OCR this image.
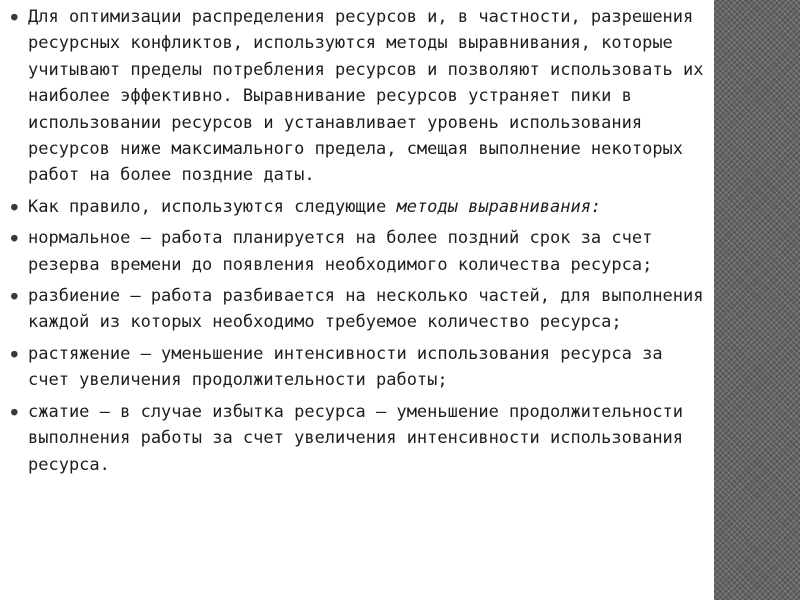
● Для оптимизации распределения ресурсов и, в частности, разрешения ресурсных конфликтов, используются методы выравнивания, которые учитывают пределы потребления ресурсов и позволяют использовать их наиболее эффективно. Выравнивание ресурсов устраняет пики в использовании ресурсов и устанавливает уровень использования ресурсов ниже максимального предела, смещая выполнение некоторых работ на более поздние даты.
● Как правило, используются следующие методы выравнивания:
● нормальное — работа планируется на более поздний срок за счет резерва времени до появления необходимого количества ресурса;
● разбиение — работа разбивается на несколько частей, для выполнения каждой из которых необходимо требуемое количество ресурса;
● растяжение — уменьшение интенсивности использования ресурса за счет увеличения продолжительности работы;
● сжатие — в случае избытка ресурса — уменьшение продолжительности выполнения работы за счет увеличения интенсивности использования ресурса.
